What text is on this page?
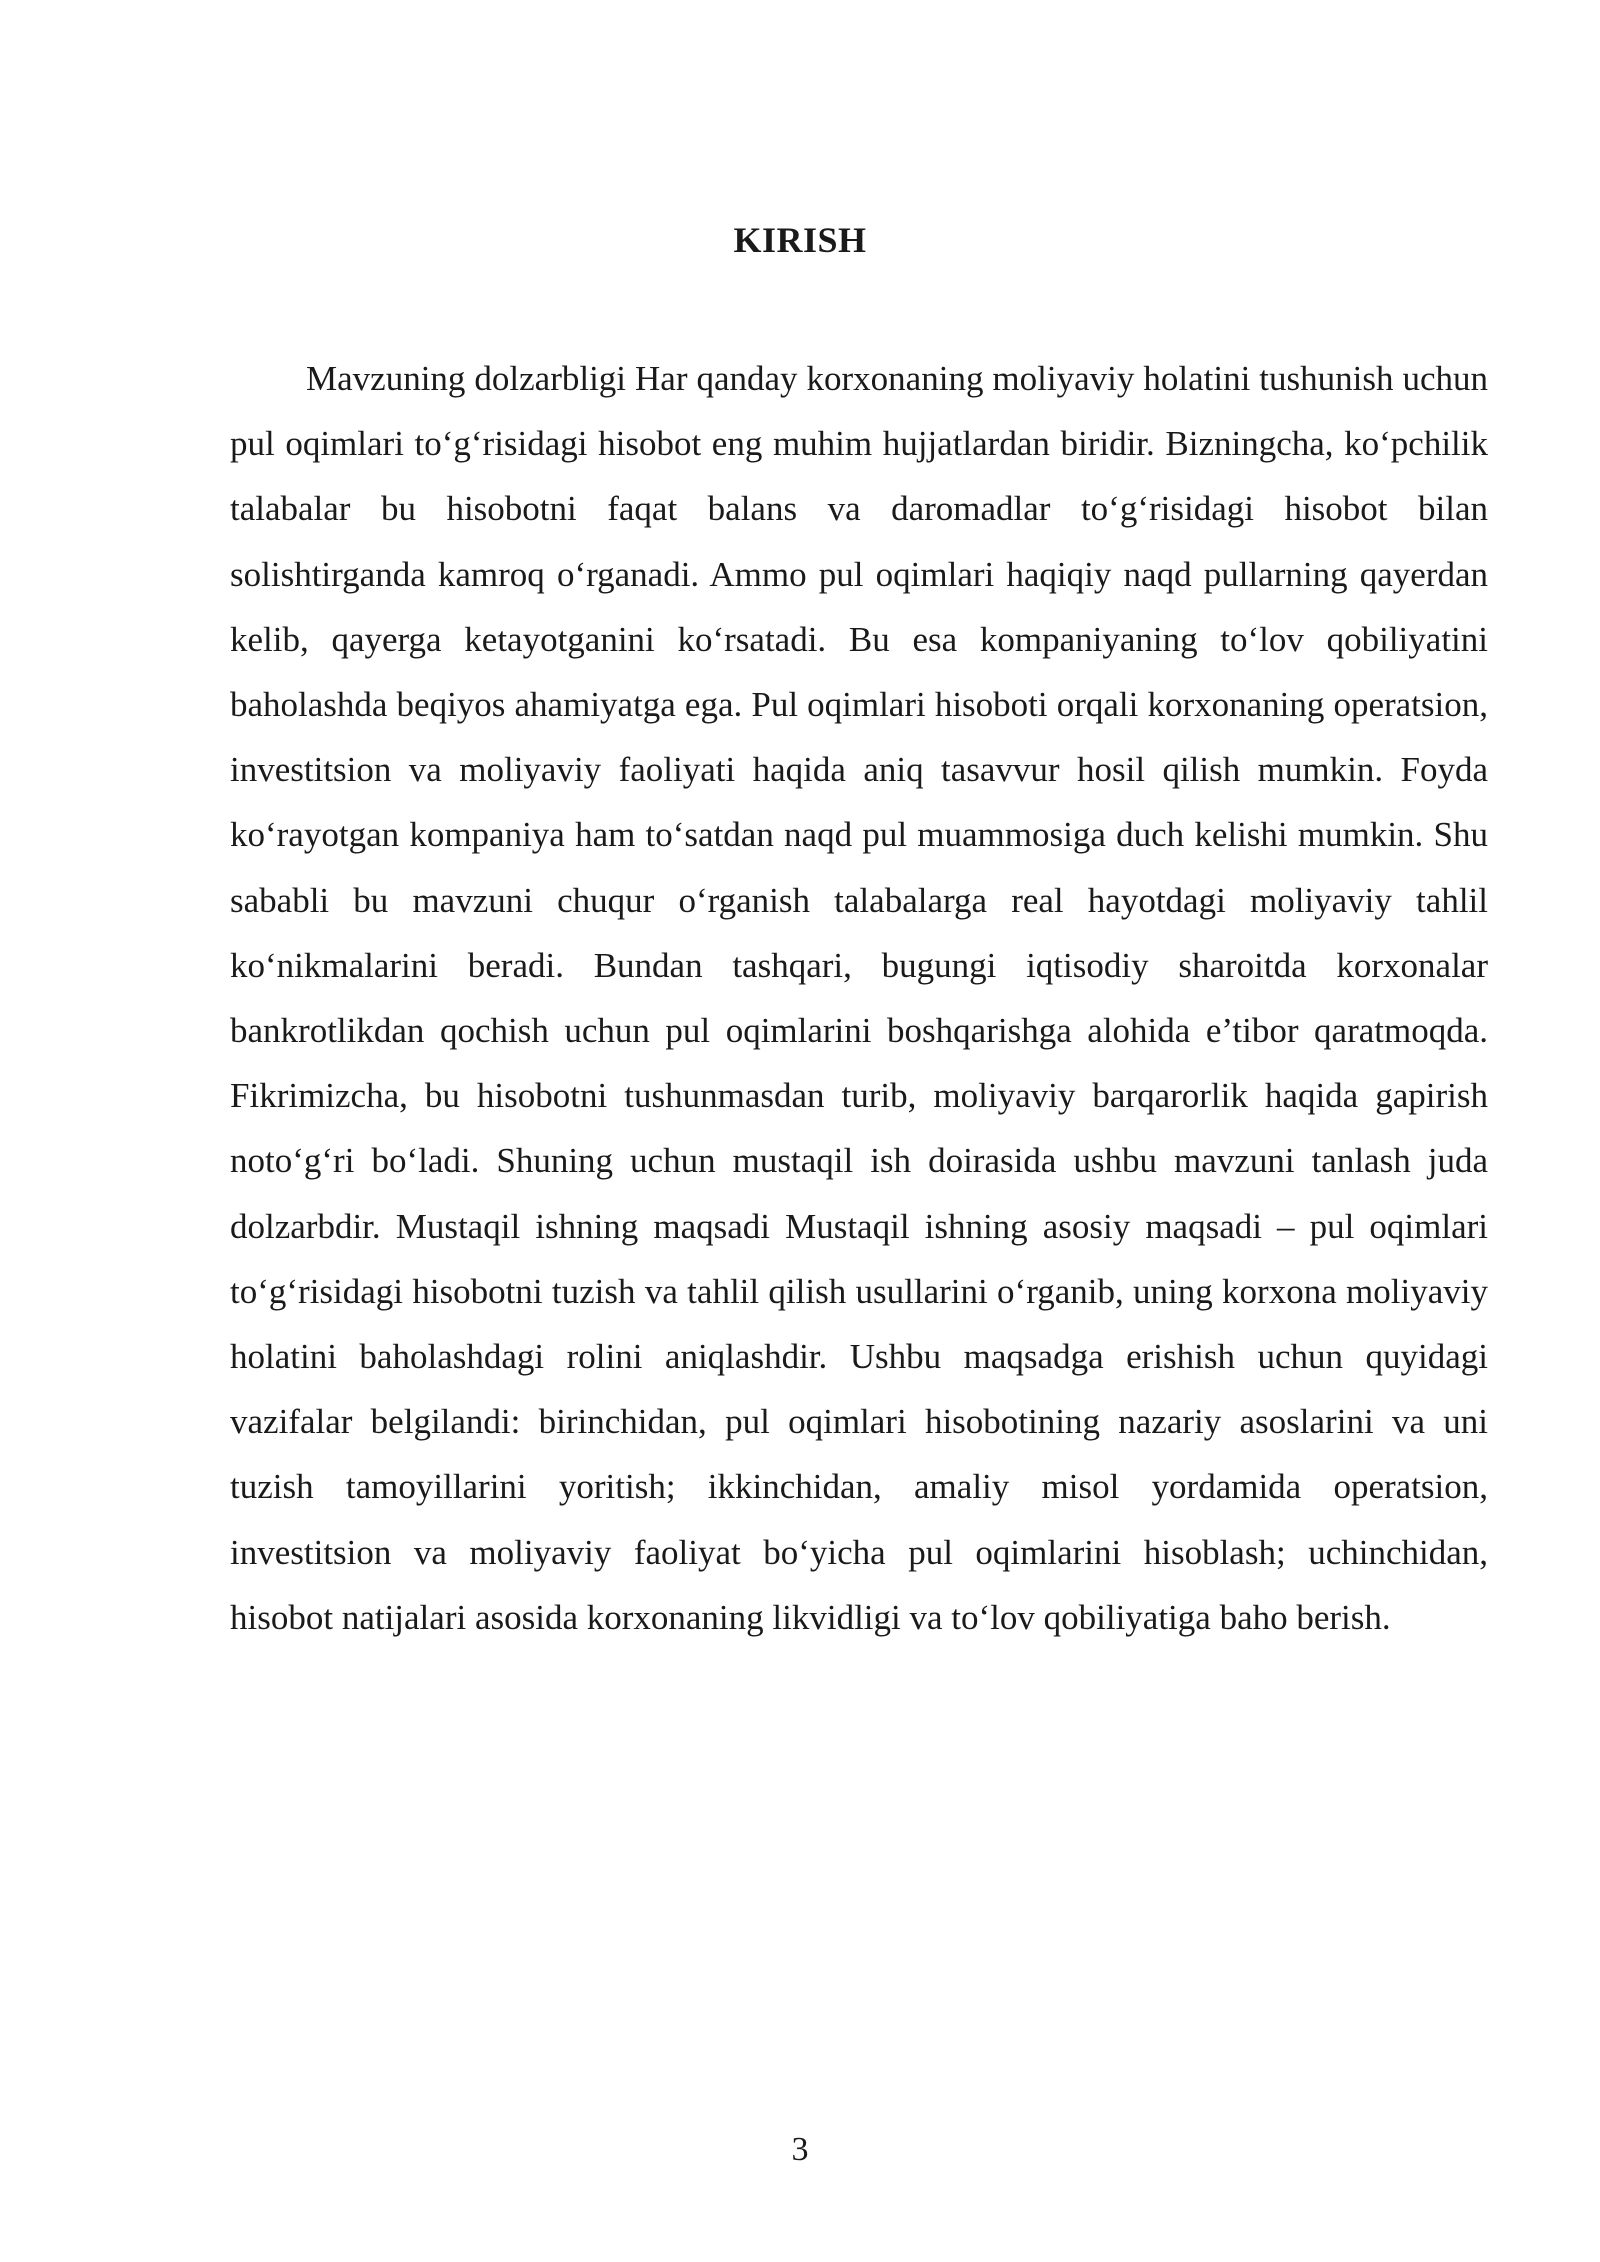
KIRISH

Mavzuning dolzarbligi Har qanday korxonaning moliyaviy holatini tushunish uchun pul oqimlari to‘g‘risidagi hisobot eng muhim hujjatlardan biridir. Bizningcha, ko‘pchilik talabalar bu hisobotni faqat balans va daromadlar to‘g‘risidagi hisobot bilan solishtirganda kamroq o‘rganadi. Ammo pul oqimlari haqiqiy naqd pullarning qayerdan kelib, qayerga ketayotganini ko‘rsatadi. Bu esa kompaniyaning to‘lov qobiliyatini baholashda beqiyos ahamiyatga ega. Pul oqimlari hisoboti orqali korxonaning operatsion, investitsion va moliyaviy faoliyati haqida aniq tasavvur hosil qilish mumkin. Foyda ko‘rayotgan kompaniya ham to‘satdan naqd pul muammosiga duch kelishi mumkin. Shu sababli bu mavzuni chuqur o‘rganish talabalarga real hayotdagi moliyaviy tahlil ko‘nikmalarini beradi. Bundan tashqari, bugungi iqtisodiy sharoitda korxonalar bankrotlikdan qochish uchun pul oqimlarini boshqarishga alohida e’tibor qaratmoqda. Fikrimizcha, bu hisobotni tushunmasdan turib, moliyaviy barqarorlik haqida gapirish noto‘g‘ri bo‘ladi. Shuning uchun mustaqil ish doirasida ushbu mavzuni tanlash juda dolzarbdir. Mustaqil ishning maqsadi Mustaqil ishning asosiy maqsadi – pul oqimlari to‘g‘risidagi hisobotni tuzish va tahlil qilish usullarini o‘rganib, uning korxona moliyaviy holatini baholashdagi rolini aniqlashdir. Ushbu maqsadga erishish uchun quyidagi vazifalar belgilandi: birinchidan, pul oqimlari hisobotining nazariy asoslarini va uni tuzish tamoyillarini yoritish; ikkinchidan, amaliy misol yordamida operatsion, investitsion va moliyaviy faoliyat bo‘yicha pul oqimlarini hisoblash; uchinchidan, hisobot natijalari asosida korxonaning likvidligi va to‘lov qobiliyatiga baho berish.

3
